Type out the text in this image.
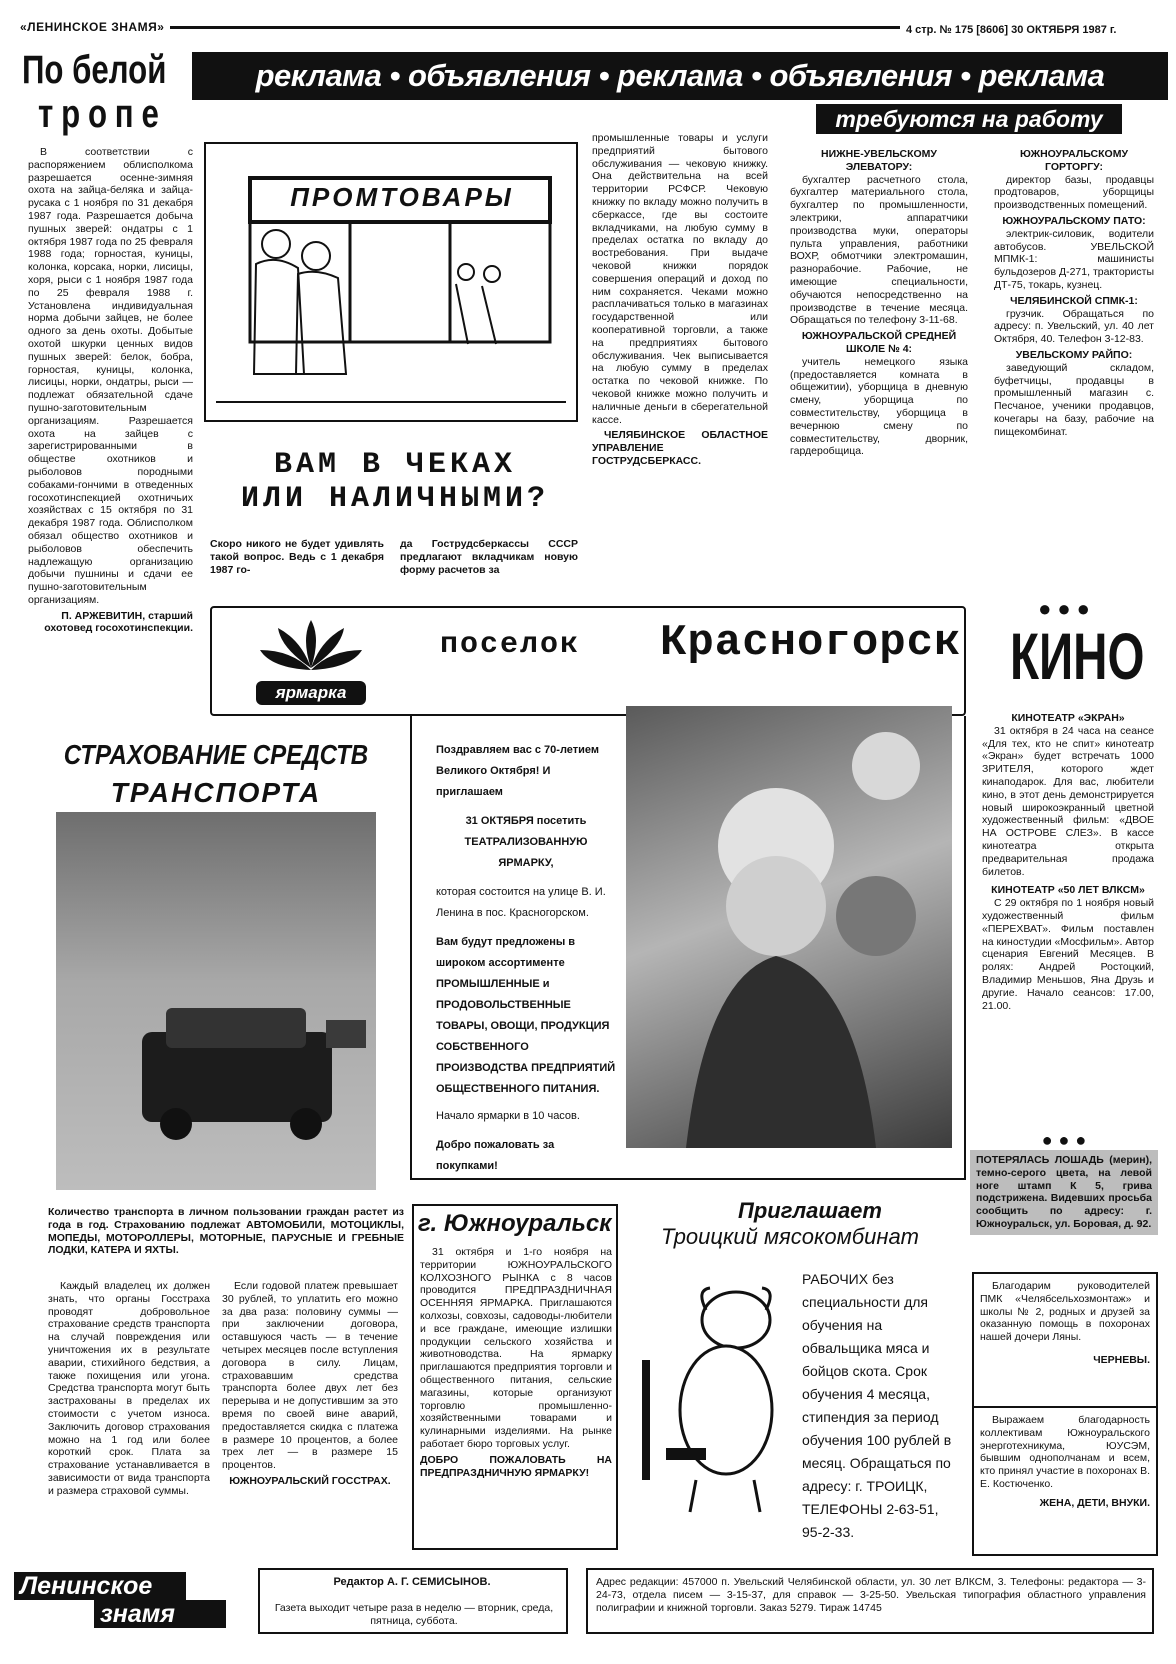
«ЛЕНИНСКОЕ ЗНАМЯ»	4 стр. № 175 [8606] 30 ОКТЯБРЯ 1987 г.
реклама • объявления • реклама • объявления • реклама
требуются на работу
По белой
тропе

В соответствии с распоряжением облисполкома разрешается осенне-зимняя охота на зайца-беляка и зайца-русака с 1 ноября по 31 декабря 1987 года. Разрешается добыча пушных зверей: ондатры с 1 октября 1987 года по 25 февраля 1988 года; горностая, куницы, колонка, корсака, норки, лисицы, хоря, рыси с 1 ноября 1987 года по 25 февраля 1988 г. Установлена индивидуальная норма добычи зайцев, не более одного за день охоты. Добытые охотой шкурки ценных видов пушных зверей: белок, бобра, горностая, куницы, колонка, лисицы, норки, ондатры, рыси — подлежат обязательной сдаче пушно-заготовительным организациям. Разрешается охота на зайцев с зарегистрированными в обществе охотников и рыболовов породными собаками-гончими в отведенных госохотинспекцией охотничьих хозяйствах с 15 октября по 31 декабря 1987 года. Облисполком обязал общество охотников и рыболовов обеспечить надлежащую организацию добычи пушнины и сдачи ее пушно-заготовительным организациям.

П. АРЖЕВИТИН, старший охотовед госохотинспекции.

ПРОМТОВАРЫ
ВАМ В ЧЕКАХ
ИЛИ НАЛИЧНЫМИ?
Скоро никого не будет удивлять такой вопрос. Ведь с 1 декабря 1987 го-
да Гострудсберкассы СССР предлагают вкладчикам новую форму расчетов за

промышленные товары и услуги предприятий бытового обслуживания — чековую книжку. Она действительна на всей территории РСФСР. Чековую книжку по вкладу можно получить в сберкассе, где вы состоите вкладчиками, на любую сумму в пределах остатка по вкладу до востребования. При выдаче чековой книжки порядок совершения операций и доход по ним сохраняется. Чеками можно расплачиваться только в магазинах государственной или кооперативной торговли, а также на предприятиях бытового обслуживания. Чек выписывается на любую сумму в пределах остатка по чековой книжке. По чековой книжке можно получить и наличные деньги в сберегательной кассе.

ЧЕЛЯБИНСКОЕ ОБЛАСТНОЕ УПРАВЛЕНИЕ ГОСТРУДСБЕРКАСС.

НИЖНЕ-УВЕЛЬСКОМУ ЭЛЕВАТОРУ:

бухгалтер расчетного стола, бухгалтер материального стола, бухгалтер по промышленности, электрики, аппаратчики производства муки, операторы пульта управления, работники ВОХР, обмотчики электромашин, разнорабочие. Рабочие, не имеющие специальности, обучаются непосредственно на производстве в течение месяца. Обращаться по телефону 3-11-68.

ЮЖНОУРАЛЬСКОЙ СРЕДНЕЙ ШКОЛЕ № 4:

учитель немецкого языка (предоставляется комната в общежитии), уборщица в дневную смену, уборщица по совместительству, уборщица в вечернюю смену по совместительству, дворник, гардеробщица.

ЮЖНОУРАЛЬСКОМУ ГОРТОРГУ:

директор базы, продавцы продтоваров, уборщицы производственных помещений.

ЮЖНОУРАЛЬСКОМУ ПАТО:

электрик-силовик, водители автобусов. УВЕЛЬСКОЙ МПМК-1: машинисты бульдозеров Д-271, трактористы ДТ-75, токарь, кузнец.

ЧЕЛЯБИНСКОЙ СПМК-1:

грузчик. Обращаться по адресу: п. Увельский, ул. 40 лет Октября, 40. Телефон 3-12-83.

УВЕЛЬСКОМУ РАЙПО:

заведующий складом, буфетчицы, продавцы в промышленный магазин с. Песчаное, ученики продавцов, кочегары на базу, рабочие на пищекомбинат.

ярмарка
поселок Красногорск
Поздравляем вас с 70-летием Великого Октября! И приглашаем
31 ОКТЯБРЯ посетить ТЕАТРАЛИЗОВАННУЮ ЯРМАРКУ,
которая состоится на улице В. И. Ленина в пос. Красногорском.
Вам будут предложены в широком ассортименте ПРОМЫШЛЕННЫЕ и ПРОДОВОЛЬСТВЕННЫЕ ТОВАРЫ, ОВОЩИ, ПРОДУКЦИЯ СОБСТВЕННОГО ПРОИЗВОДСТВА ПРЕДПРИЯТИЙ ОБЩЕСТВЕННОГО ПИТАНИЯ.
Начало ярмарки в 10 часов.
Добро пожаловать за покупками!
●●●
КИНО
КИНОТЕАТР «ЭКРАН»

31 октября в 24 часа на сеансе «Для тех, кто не спит» кинотеатр «Экран» будет встречать 1000 ЗРИТЕЛЯ, которого ждет кинаподарок. Для вас, любители кино, в этот день демонстрируется новый широкоэкранный цветной художественный фильм: «ДВОЕ НА ОСТРОВЕ СЛЕЗ». В кассе кинотеатра открыта предварительная продажа билетов.

КИНОТЕАТР «50 ЛЕТ ВЛКСМ»

С 29 октября по 1 ноября новый художественный фильм «ПЕРЕХВАТ». Фильм поставлен на киностудии «Мосфильм». Автор сценария Евгений Месяцев. В ролях: Андрей Ростоцкий, Владимир Меньшов, Яна Друзь и другие. Начало сеансов: 17.00, 21.00.

●●●
ПОТЕРЯЛАСЬ ЛОШАДЬ (мерин), темно-серого цвета, на левой ноге штамп К 5, грива подстрижена. Видевших просьба сообщить по адресу: г. Южноуральск, ул. Боровая, д. 92.
СТРАХОВАНИЕ СРЕДСТВ
ТРАНСПОРТА
Количество транспорта в личном пользовании граждан растет из года в год. Страхованию подлежат АВТОМОБИЛИ, МОТОЦИКЛЫ, МОПЕДЫ, МОТОРОЛЛЕРЫ, МОТОРНЫЕ, ПАРУСНЫЕ И ГРЕБНЫЕ ЛОДКИ, КАТЕРА И ЯХТЫ.

Каждый владелец их должен знать, что органы Госстраха проводят добровольное страхование средств транспорта на случай повреждения или уничтожения их в результате аварии, стихийного бедствия, а также похищения или угона. Средства транспорта могут быть застрахованы в пределах их стоимости с учетом износа. Заключить договор страхования можно на 1 год или более короткий срок. Плата за страхование устанавливается в зависимости от вида транспорта и размера страховой суммы.

Если годовой платеж превышает 30 рублей, то уплатить его можно за два раза: половину суммы — при заключении договора, оставшуюся часть — в течение четырех месяцев после вступления договора в силу. Лицам, страховавшим средства транспорта более двух лет без перерыва и не допустившим за это время по своей вине аварий, предоставляется скидка с платежа в размере 10 процентов, а более трех лет — в размере 15 процентов.

ЮЖНОУРАЛЬСКИЙ ГОССТРАХ.
г. Южноуральск

31 октября и 1-го ноября на территории ЮЖНОУРАЛЬСКОГО КОЛХОЗНОГО РЫНКА с 8 часов проводится ПРЕДПРАЗДНИЧНАЯ ОСЕННЯЯ ЯРМАРКА. Приглашаются колхозы, совхозы, садоводы-любители и все граждане, имеющие излишки продукции сельского хозяйства и животноводства. На ярмарку приглашаются предприятия торговли и общественного питания, сельские магазины, которые организуют торговлю промышленно-хозяйственными товарами и кулинарными изделиями. На рынке работает бюро торговых услуг.

ДОБРО ПОЖАЛОВАТЬ НА ПРЕДПРАЗДНИЧНУЮ ЯРМАРКУ!

Приглашает
Троицкий мясокомбинат
РАБОЧИХ без специальности для обучения на обвальщика мяса и бойцов скота. Срок обучения 4 месяца, стипендия за период обучения 100 рублей в месяц. Обращаться по адресу: г. ТРОИЦК, ТЕЛЕФОНЫ 2-63-51, 95-2-33.

Благодарим руководителей ПМК «Челябсельхозмонтаж» и школы № 2, родных и друзей за оказанную помощь в похоронах нашей дочери Ляны.

ЧЕРНЕВЫ.

Выражаем благодарность коллективам Южноуральского энерготехникума, ЮУСЭМ, бывшим однополчанам и всем, кто принял участие в похоронах В. Е. Костюченко.

ЖЕНА, ДЕТИ, ВНУКИ.
Ленинское
знамя
Редактор А. Г. СЕМИСЫНОВ.
Газета выходит четыре раза в неделю — вторник, среда, пятница, суббота.
Адрес редакции: 457000 п. Увельский Челябинской области, ул. 30 лет ВЛКСМ, 3. Телефоны: редактора — 3-24-73, отдела писем — 3-15-37, для справок — 3-25-50. Увельская типография областного управления полиграфии и книжной торговли. Заказ 5279. Тираж 14745
